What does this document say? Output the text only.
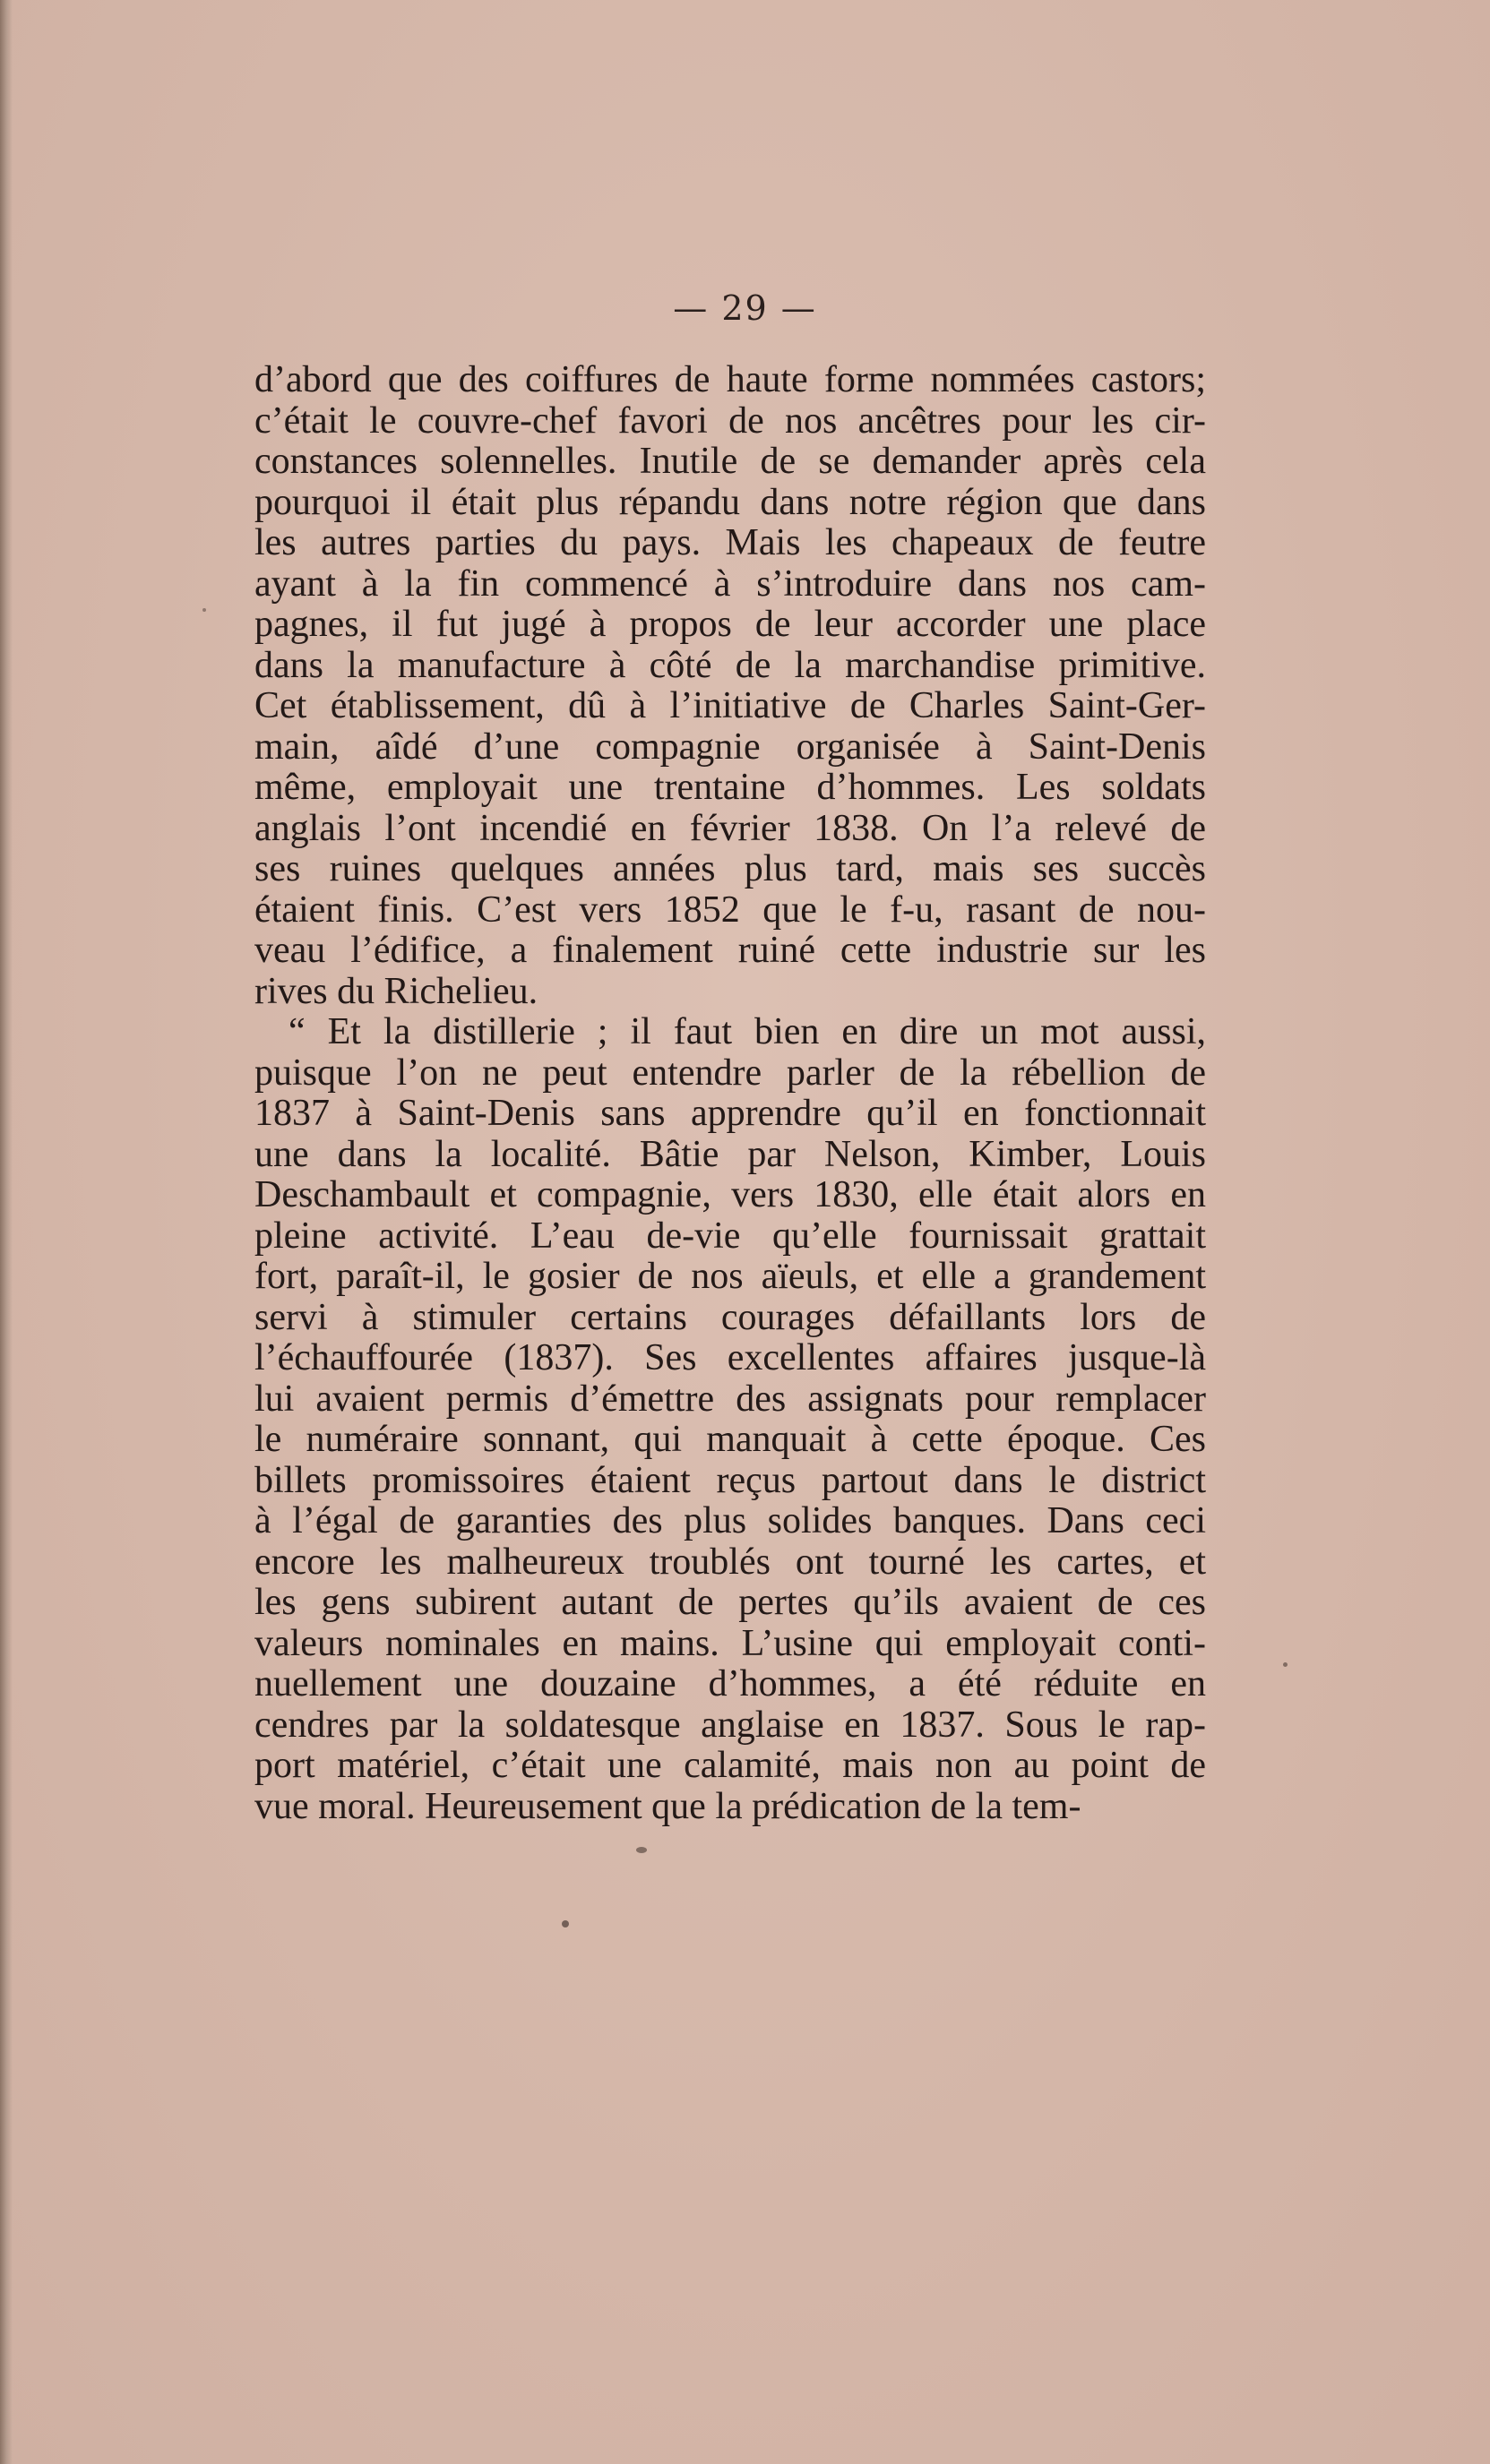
— 29 —
d’abord que des coiffures de haute forme nommées castors;
c’était le couvre-chef favori de nos ancêtres pour les cir-
constances solennelles. Inutile de se demander après cela
pourquoi il était plus répandu dans notre région que dans
les autres parties du pays. Mais les chapeaux de feutre
ayant à la fin commencé à s’introduire dans nos cam-
pagnes, il fut jugé à propos de leur accorder une place
dans la manufacture à côté de la marchandise primitive.
Cet établissement, dû à l’initiative de Charles Saint-Ger-
main, aîdé d’une compagnie organisée à Saint-Denis
même, employait une trentaine d’hommes. Les soldats
anglais l’ont incendié en février 1838. On l’a relevé de
ses ruines quelques années plus tard, mais ses succès
étaient finis. C’est vers 1852 que le f-u, rasant de nou-
veau l’édifice, a finalement ruiné cette industrie sur les
rives du Richelieu.
“ Et la distillerie ; il faut bien en dire un mot aussi,
puisque l’on ne peut entendre parler de la rébellion de
1837 à Saint-Denis sans apprendre qu’il en fonctionnait
une dans la localité. Bâtie par Nelson, Kimber, Louis
Deschambault et compagnie, vers 1830, elle était alors en
pleine activité. L’eau de-vie qu’elle fournissait grattait
fort, paraît-il, le gosier de nos aïeuls, et elle a grandement
servi à stimuler certains courages défaillants lors de
l’échauffourée (1837). Ses excellentes affaires jusque-là
lui avaient permis d’émettre des assignats pour remplacer
le numéraire sonnant, qui manquait à cette époque. Ces
billets promissoires étaient reçus partout dans le district
à l’égal de garanties des plus solides banques. Dans ceci
encore les malheureux troublés ont tourné les cartes, et
les gens subirent autant de pertes qu’ils avaient de ces
valeurs nominales en mains. L’usine qui employait conti-
nuellement une douzaine d’hommes, a été réduite en
cendres par la soldatesque anglaise en 1837. Sous le rap-
port matériel, c’était une calamité, mais non au point de
vue moral. Heureusement que la prédication de la tem-
